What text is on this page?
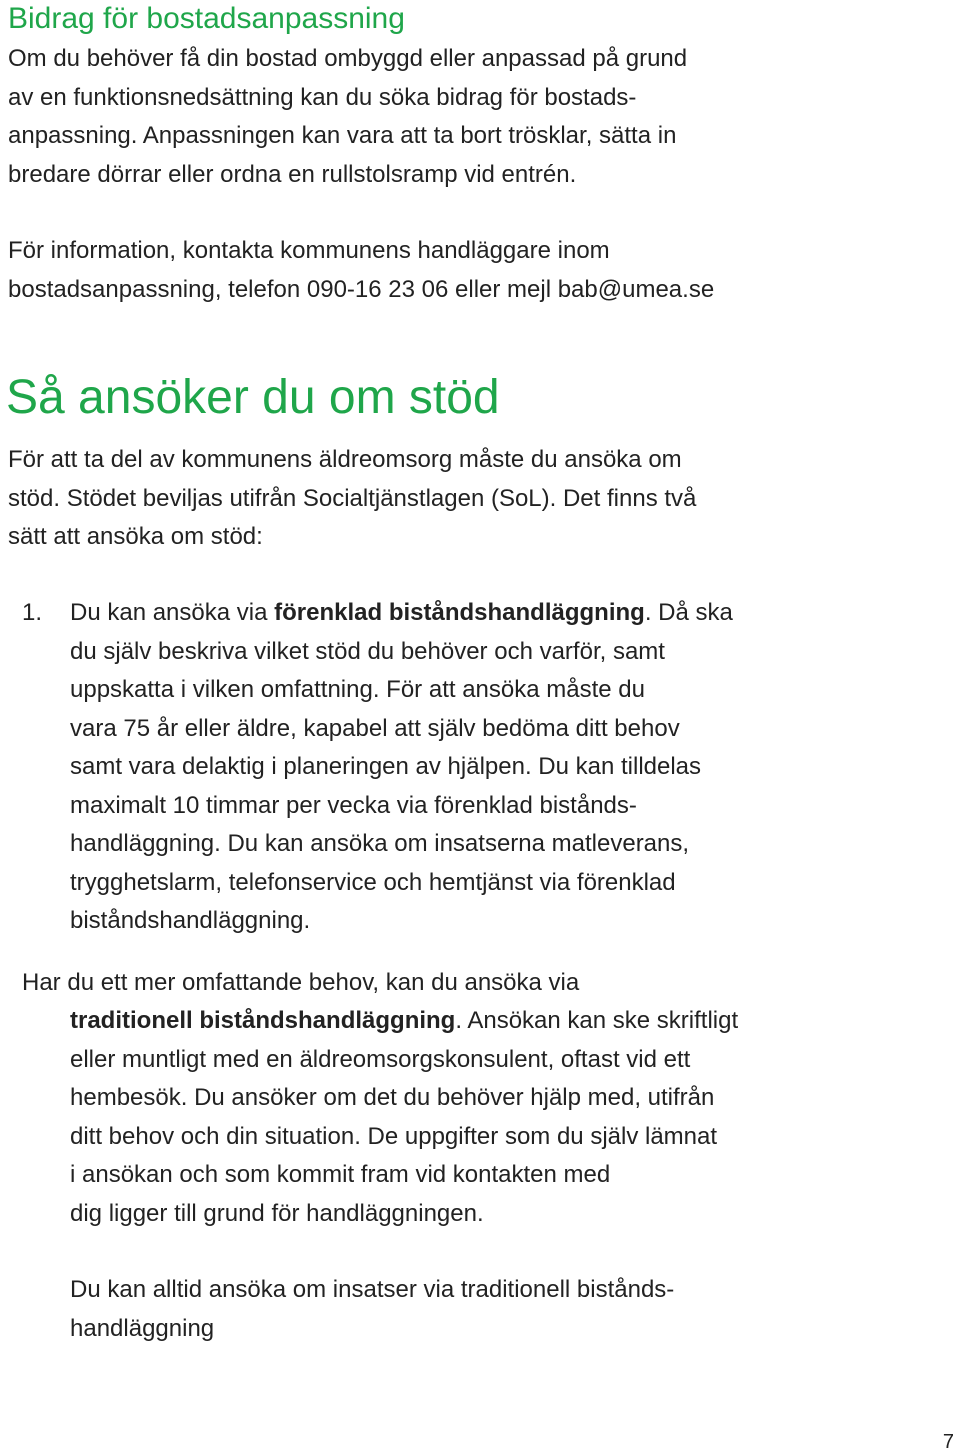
Bidrag för bostadsanpassning

Om du behöver få din bostad ombyggd eller anpassad på grund
av en funktionsnedsättning kan du söka bidrag för bostads-
anpassning. Anpassningen kan vara att ta bort trösklar, sätta in
bredare dörrar eller ordna en rullstolsramp vid entrén.

För information, kontakta kommunens handläggare inom
bostadsanpassning, telefon 090-16 23 06 eller mejl bab@umea.se

Så ansöker du om stöd

För att ta del av kommunens äldreomsorg måste du ansöka om
stöd. Stödet beviljas utifrån Socialtjänstlagen (SoL). Det finns två
sätt att ansöka om stöd:

1. Du kan ansöka via förenklad biståndshandläggning. Då ska
du själv beskriva vilket stöd du behöver och varför, samt
uppskatta i vilken omfattning. För att ansöka måste du
vara 75 år eller äldre, kapabel att själv bedöma ditt behov
samt vara delaktig i planeringen av hjälpen. Du kan tilldelas
maximalt 10 timmar per vecka via förenklad bistånds-
handläggning. Du kan ansöka om insatserna matleverans,
trygghetslarm, telefonservice och hemtjänst via förenklad
biståndshandläggning.
Har du ett mer omfattande behov, kan du ansöka via
traditionell biståndshandläggning. Ansökan kan ske skriftligt
eller muntligt med en äldreomsorgskonsulent, oftast vid ett
hembesök. Du ansöker om det du behöver hjälp med, utifrån
ditt behov och din situation. De uppgifter som du själv lämnat
i ansökan och som kommit fram vid kontakten med
dig ligger till grund för handläggningen.
Du kan alltid ansöka om insatser via traditionell bistånds-
handläggning
7
